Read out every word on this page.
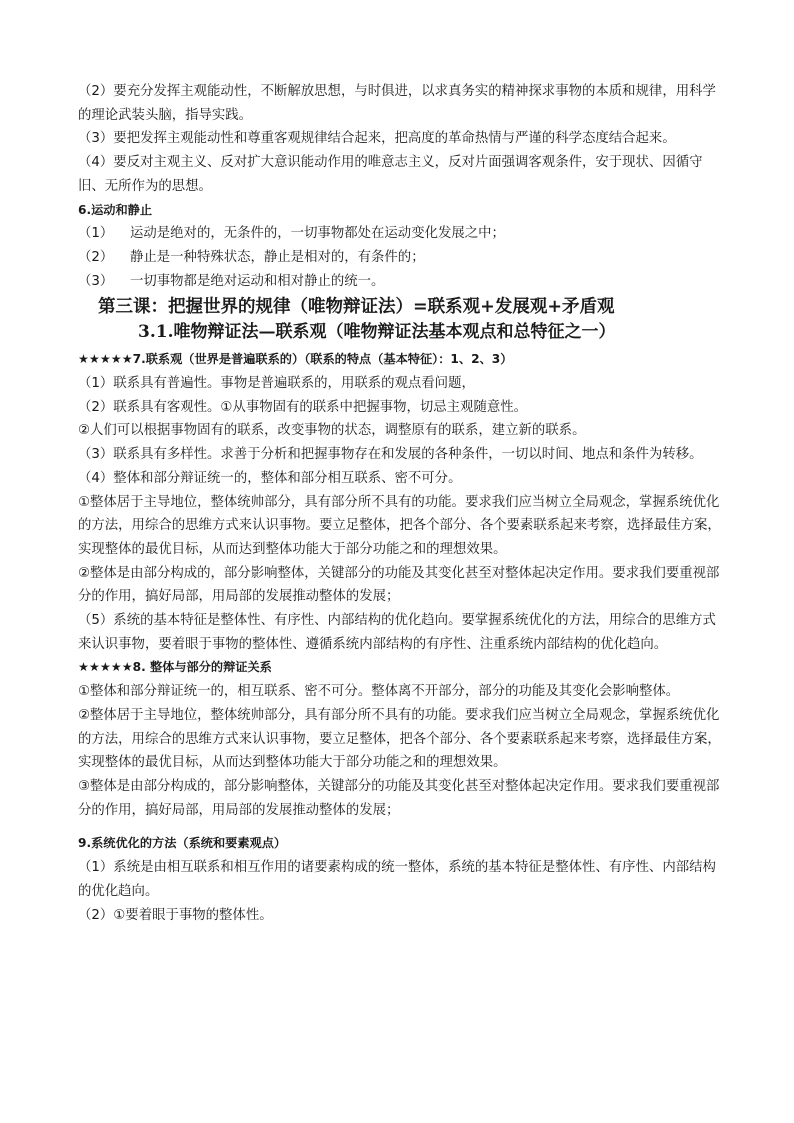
（2）要充分发挥主观能动性，不断解放思想，与时俱进，以求真务实的精神探求事物的本质和规律，用科学的理论武装头脑，指导实践。

（3）要把发挥主观能动性和尊重客观规律结合起来，把高度的革命热情与严谨的科学态度结合起来。

（4）要反对主观主义、反对扩大意识能动作用的唯意志主义，反对片面强调客观条件，安于现状、因循守旧、无所作为的思想。

6.运动和静止

（1）	运动是绝对的，无条件的，一切事物都处在运动变化发展之中；
（2）	静止是一种特殊状态，静止是相对的，有条件的；
（3）	一切事物都是绝对运动和相对静止的统一。

第三课：把握世界的规律（唯物辩证法）=联系观+发展观+矛盾观

3.1.唯物辩证法—联系观（唯物辩证法基本观点和总特征之一）

★★★★★7.联系观（世界是普遍联系的）（联系的特点（基本特征）：1、2、3）

（1）联系具有普遍性。事物是普遍联系的，用联系的观点看问题，

（2）联系具有客观性。①从事物固有的联系中把握事物，切忌主观随意性。

②人们可以根据事物固有的联系，改变事物的状态，调整原有的联系，建立新的联系。

（3）联系具有多样性。求善于分析和把握事物存在和发展的各种条件，一切以时间、地点和条件为转移。

（4）整体和部分辩证统一的，整体和部分相互联系、密不可分。

①整体居于主导地位，整体统帅部分，具有部分所不具有的功能。要求我们应当树立全局观念，掌握系统优化的方法，用综合的思维方式来认识事物。要立足整体，把各个部分、各个要素联系起来考察，选择最佳方案，实现整体的最优目标，从而达到整体功能大于部分功能之和的理想效果。

②整体是由部分构成的，部分影响整体，关键部分的功能及其变化甚至对整体起决定作用。要求我们要重视部分的作用，搞好局部，用局部的发展推动整体的发展；

（5）系统的基本特征是整体性、有序性、内部结构的优化趋向。要掌握系统优化的方法，用综合的思维方式来认识事物，要着眼于事物的整体性、遵循系统内部结构的有序性、注重系统内部结构的优化趋向。

★★★★★8. 整体与部分的辩证关系

①整体和部分辩证统一的，相互联系、密不可分。整体离不开部分，部分的功能及其变化会影响整体。

②整体居于主导地位，整体统帅部分，具有部分所不具有的功能。要求我们应当树立全局观念，掌握系统优化的方法，用综合的思维方式来认识事物，要立足整体，把各个部分、各个要素联系起来考察，选择最佳方案，实现整体的最优目标，从而达到整体功能大于部分功能之和的理想效果。

③整体是由部分构成的，部分影响整体，关键部分的功能及其变化甚至对整体起决定作用。要求我们要重视部分的作用，搞好局部，用局部的发展推动整体的发展；

9.系统优化的方法（系统和要素观点）

（1）系统是由相互联系和相互作用的诸要素构成的统一整体，系统的基本特征是整体性、有序性、内部结构的优化趋向。

（2）①要着眼于事物的整体性。
